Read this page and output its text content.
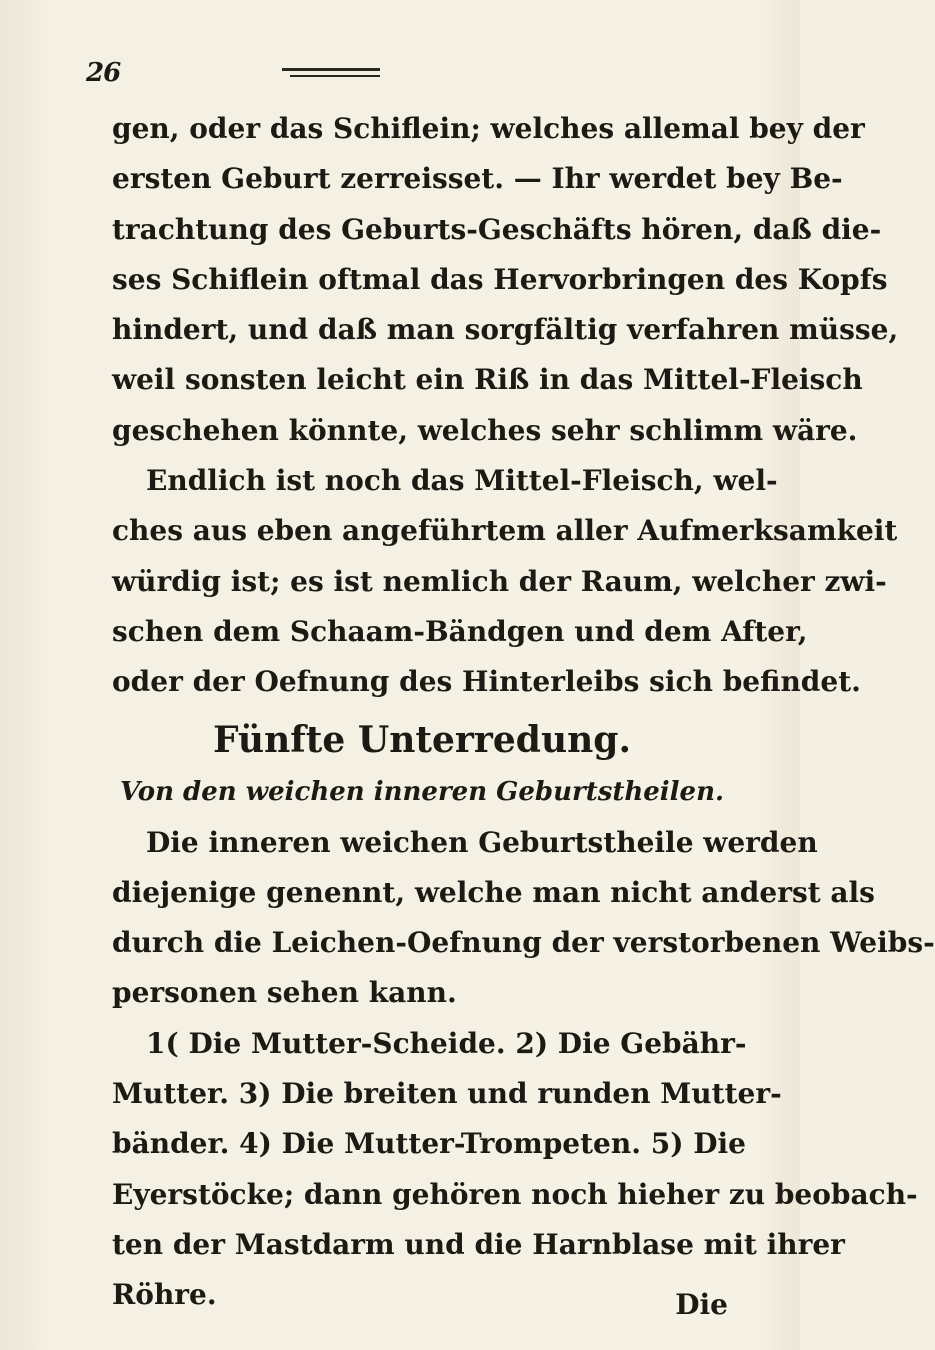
26
gen, oder das Schiflein; welches allemal bey der
ersten Geburt zerreisset. — Ihr werdet bey Be-
trachtung des Geburts-Geschäfts hören, daß die-
ses Schiflein oftmal das Hervorbringen des Kopfs
hindert, und daß man sorgfältig verfahren müsse,
weil sonsten leicht ein Riß in das Mittel-Fleisch
geschehen könnte, welches sehr schlimm wäre.
Endlich ist noch das Mittel-Fleisch, wel-
ches aus eben angeführtem aller Aufmerksamkeit
würdig ist; es ist nemlich der Raum, welcher zwi-
schen dem Schaam-Bändgen und dem After,
oder der Oefnung des Hinterleibs sich befindet.
Fünfte Unterredung.
Von den weichen inneren Geburtstheilen.
Die inneren weichen Geburtstheile werden
diejenige genennt, welche man nicht anderst als
durch die Leichen-Oefnung der verstorbenen Weibs-
personen sehen kann.
1( Die Mutter-Scheide. 2) Die Gebähr-
Mutter. 3) Die breiten und runden Mutter-
bänder. 4) Die Mutter-Trompeten. 5) Die
Eyerstöcke; dann gehören noch hieher zu beobach-
ten der Mastdarm und die Harnblase mit ihrer
Röhre.	Die
